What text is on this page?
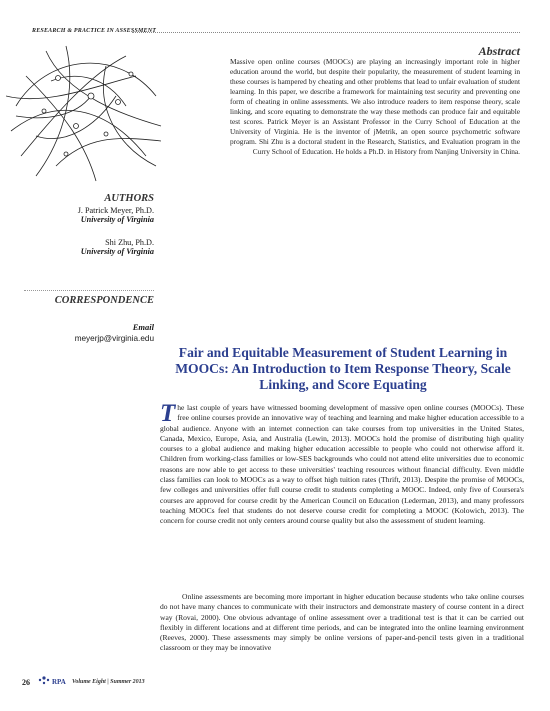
RESEARCH & PRACTICE IN ASSESSMENT
Abstract
Massive open online courses (MOOCs) are playing an increasingly important role in higher education around the world, but despite their popularity, the measurement of student learning in these courses is hampered by cheating and other problems that lead to unfair evaluation of student learning. In this paper, we describe a framework for maintaining test security and preventing one form of cheating in online assessments. We also introduce readers to item response theory, scale linking, and score equating to demonstrate the way these methods can produce fair and equitable test scores. Patrick Meyer is an Assistant Professor in the Curry School of Education at the University of Virginia. He is the inventor of jMetrik, an open source psychometric software program. Shi Zhu is a doctoral student in the Research, Statistics, and Evaluation program in the Curry School of Education. He holds a Ph.D. in History from Nanjing University in China.
AUTHORS
J. Patrick Meyer, Ph.D.
University of Virginia
Shi Zhu, Ph.D.
University of Virginia
CORRESPONDENCE
Email
meyerjp@virginia.edu
Fair and Equitable Measurement of Student Learning in MOOCs: An Introduction to Item Response Theory, Scale Linking, and Score Equating
The last couple of years have witnessed booming development of massive open online courses (MOOCs). These free online courses provide an innovative way of teaching and learning and make higher education accessible to a global audience. Anyone with an internet connection can take courses from top universities in the United States, Canada, Mexico, Europe, Asia, and Australia (Lewin, 2013). MOOCs hold the promise of distributing high quality courses to a global audience and making higher education accessible to people who could not otherwise afford it. Children from working-class families or low-SES backgrounds who could not attend elite universities due to economic reasons are now able to get access to these universities' teaching resources without financial difficulty. Even middle class families can look to MOOCs as a way to offset high tuition rates (Thrift, 2013). Despite the promise of MOOCs, few colleges and universities offer full course credit to students completing a MOOC. Indeed, only five of Coursera's courses are approved for course credit by the American Council on Education (Lederman, 2013), and many professors teaching MOOCs feel that students do not deserve course credit for completing a MOOC (Kolowich, 2013). The concern for course credit not only centers around course quality but also the assessment of student learning.
Online assessments are becoming more important in higher education because students who take online courses do not have many chances to communicate with their instructors and demonstrate mastery of course content in a direct way (Rovai, 2000). One obvious advantage of online assessment over a traditional test is that it can be carried out flexibly in different locations and at different time periods, and can be integrated into the online learning environment (Reeves, 2000). These assessments may simply be online versions of paper-and-pencil tests given in a traditional classroom or they may be innovative
26	RPA Volume Eight | Summer 2013
